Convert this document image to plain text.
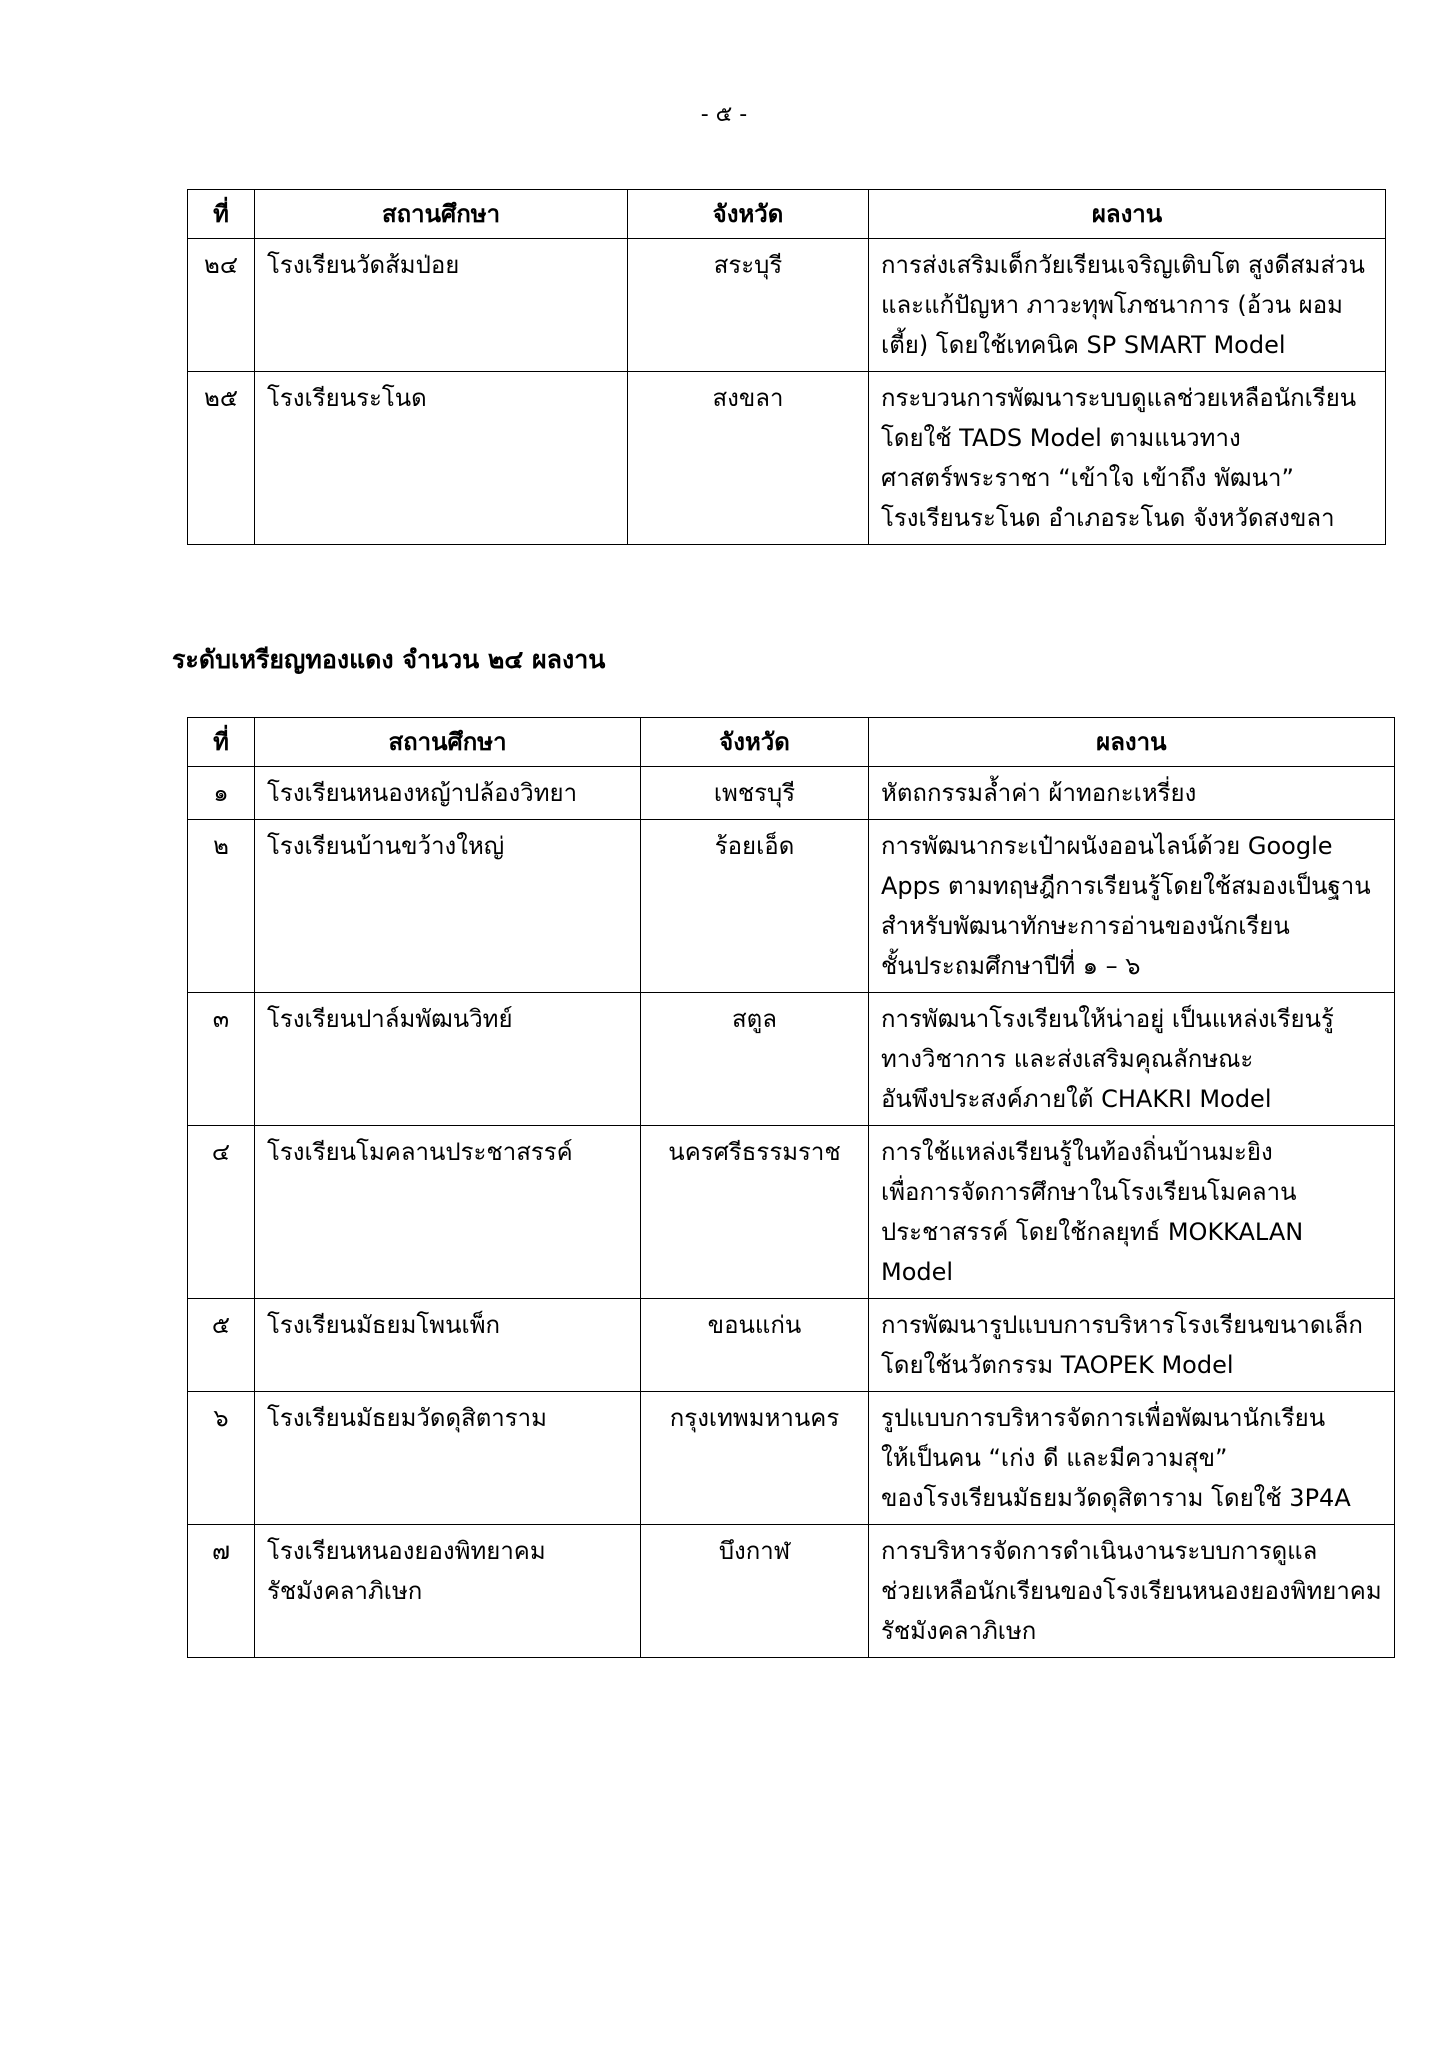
- ๕ -
ที่	สถานศึกษา	จังหวัด	ผลงาน
๒๔	โรงเรียนวัดส้มป่อย	สระบุรี	การส่งเสริมเด็กวัยเรียนเจริญเติบโต สูงดีสมส่วน
และแก้ปัญหา ภาวะทุพโภชนาการ (อ้วน ผอม
เตี้ย) โดยใช้เทคนิค SP SMART Model

๒๕	โรงเรียนระโนด	สงขลา	กระบวนการพัฒนาระบบดูแลช่วยเหลือนักเรียน
โดยใช้ TADS Model ตามแนวทาง
ศาสตร์พระราชา “เข้าใจ เข้าถึง พัฒนา”
โรงเรียนระโนด อำเภอระโนด จังหวัดสงขลา
ระดับเหรียญทองแดง จำนวน ๒๔ ผลงาน
ที่	สถานศึกษา	จังหวัด	ผลงาน
๑	โรงเรียนหนองหญ้าปล้องวิทยา	เพชรบุรี	หัตถกรรมล้ำค่า ผ้าทอกะเหรี่ยง

๒	โรงเรียนบ้านขว้างใหญ่	ร้อยเอ็ด	การพัฒนากระเป๋าผนังออนไลน์ด้วย Google
Apps ตามทฤษฎีการเรียนรู้โดยใช้สมองเป็นฐาน
สำหรับพัฒนาทักษะการอ่านของนักเรียน
ชั้นประถมศึกษาปีที่ ๑ – ๖

๓	โรงเรียนปาล์มพัฒนวิทย์	สตูล	การพัฒนาโรงเรียนให้น่าอยู่ เป็นแหล่งเรียนรู้
ทางวิชาการ และส่งเสริมคุณลักษณะ
อันพึงประสงค์ภายใต้ CHAKRI Model

๔	โรงเรียนโมคลานประชาสรรค์	นครศรีธรรมราช	การใช้แหล่งเรียนรู้ในท้องถิ่นบ้านมะยิง
เพื่อการจัดการศึกษาในโรงเรียนโมคลาน
ประชาสรรค์ โดยใช้กลยุทธ์ MOKKALAN
Model

๕	โรงเรียนมัธยมโพนเพ็ก	ขอนแก่น	การพัฒนารูปแบบการบริหารโรงเรียนขนาดเล็ก
โดยใช้นวัตกรรม TAOPEK Model

๖	โรงเรียนมัธยมวัดดุสิตาราม	กรุงเทพมหานคร	รูปแบบการบริหารจัดการเพื่อพัฒนานักเรียน
ให้เป็นคน “เก่ง ดี และมีความสุข”
ของโรงเรียนมัธยมวัดดุสิตาราม โดยใช้ 3P4A

๗	โรงเรียนหนองยองพิทยาคม
รัชมังคลาภิเษก	บึงกาฬ	การบริหารจัดการดำเนินงานระบบการดูแล
ช่วยเหลือนักเรียนของโรงเรียนหนองยองพิทยาคม
รัชมังคลาภิเษก
